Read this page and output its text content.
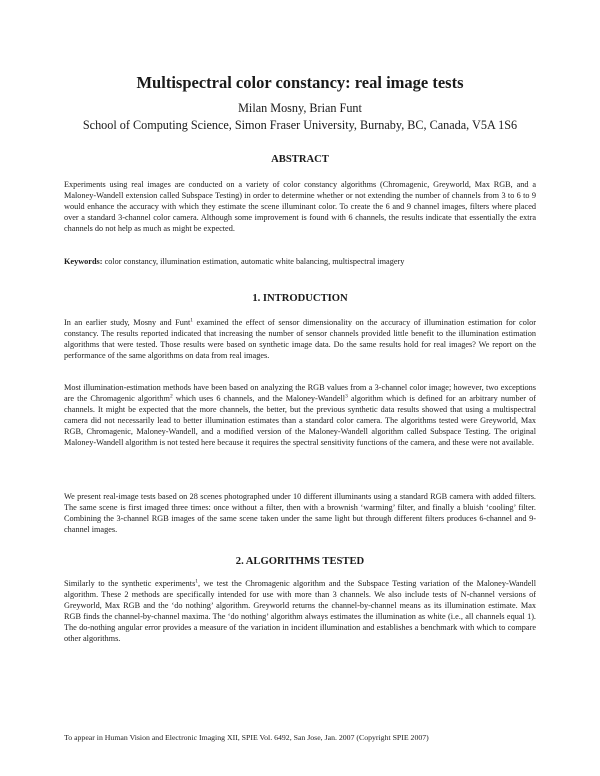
Multispectral color constancy: real image tests
Milan Mosny, Brian Funt
School of Computing Science, Simon Fraser University, Burnaby, BC, Canada, V5A 1S6
ABSTRACT

Experiments using real images are conducted on a variety of color constancy algorithms (Chromagenic, Greyworld, Max RGB, and a Maloney-Wandell extension called Subspace Testing) in order to determine whether or not extending the number of channels from 3 to 6 to 9 would enhance the accuracy with which they estimate the scene illuminant color. To create the 6 and 9 channel images, filters where placed over a standard 3-channel color camera. Although some improvement is found with 6 channels, the results indicate that essentially the extra channels do not help as much as might be expected.

Keywords: color constancy, illumination estimation, automatic white balancing, multispectral imagery

1. INTRODUCTION

In an earlier study, Mosny and Funt$^1$ examined the effect of sensor dimensionality on the accuracy of illumination estimation for color constancy. The results reported indicated that increasing the number of sensor channels provided little benefit to the illumination estimation algorithms that were tested. Those results were based on synthetic image data. Do the same results hold for real images? We report on the performance of the same algorithms on data from real images.

Most illumination-estimation methods have been based on analyzing the RGB values from a 3-channel color image; however, two exceptions are the Chromagenic algorithm$^2$ which uses 6 channels, and the Maloney-Wandell$^3$ algorithm which is defined for an arbitrary number of channels. It might be expected that the more channels, the better, but the previous synthetic data results showed that using a multispectral camera did not necessarily lead to better illumination estimates than a standard color camera. The algorithms tested were Greyworld, Max RGB, Chromagenic, Maloney-Wandell, and a modified version of the Maloney-Wandell algorithm called Subspace Testing. The original Maloney-Wandell algorithm is not tested here because it requires the spectral sensitivity functions of the camera, and these were not available.

We present real-image tests based on 28 scenes photographed under 10 different illuminants using a standard RGB camera with added filters. The same scene is first imaged three times: once without a filter, then with a brownish ‘warming’ filter, and finally a bluish ‘cooling’ filter. Combining the 3-channel RGB images of the same scene taken under the same light but through different filters produces 6-channel and 9-channel images.

2. ALGORITHMS TESTED

Similarly to the synthetic experiments$^1$, we test the Chromagenic algorithm and the Subspace Testing variation of the Maloney-Wandell algorithm. These 2 methods are specifically intended for use with more than 3 channels. We also include tests of N-channel versions of Greyworld, Max RGB and the ‘do nothing’ algorithm. Greyworld returns the channel-by-channel means as its illumination estimate. Max RGB finds the channel-by-channel maxima. The ‘do nothing’ algorithm always estimates the illumination as white (i.e., all channels equal 1). The do-nothing angular error provides a measure of the variation in incident illumination and establishes a benchmark with which to compare other algorithms.

To appear in Human Vision and Electronic Imaging XII, SPIE Vol. 6492, San Jose, Jan. 2007 (Copyright SPIE 2007)
